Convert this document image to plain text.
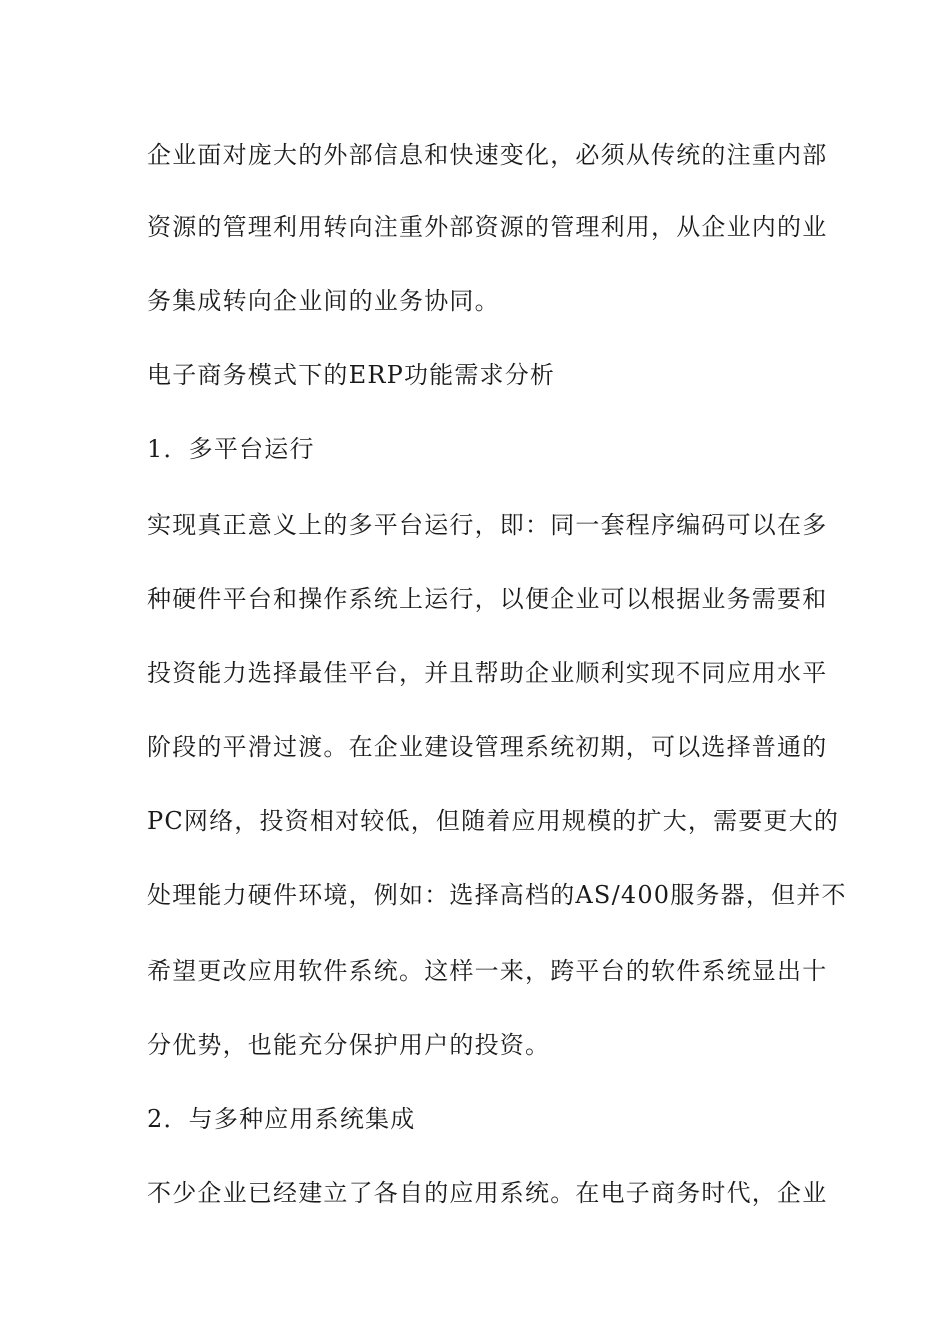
企业面对庞大的外部信息和快速变化，必须从传统的注重内部
资源的管理利用转向注重外部资源的管理利用，从企业内的业
务集成转向企业间的业务协同。
电子商务模式下的ERP功能需求分析
1．多平台运行
实现真正意义上的多平台运行，即：同一套程序编码可以在多
种硬件平台和操作系统上运行，以便企业可以根据业务需要和
投资能力选择最佳平台，并且帮助企业顺利实现不同应用水平
阶段的平滑过渡。在企业建设管理系统初期，可以选择普通的
PC网络，投资相对较低，但随着应用规模的扩大，需要更大的
处理能力硬件环境，例如：选择高档的AS/400服务器，但并不
希望更改应用软件系统。这样一来，跨平台的软件系统显出十
分优势，也能充分保护用户的投资。
2．与多种应用系统集成
不少企业已经建立了各自的应用系统。在电子商务时代，企业
